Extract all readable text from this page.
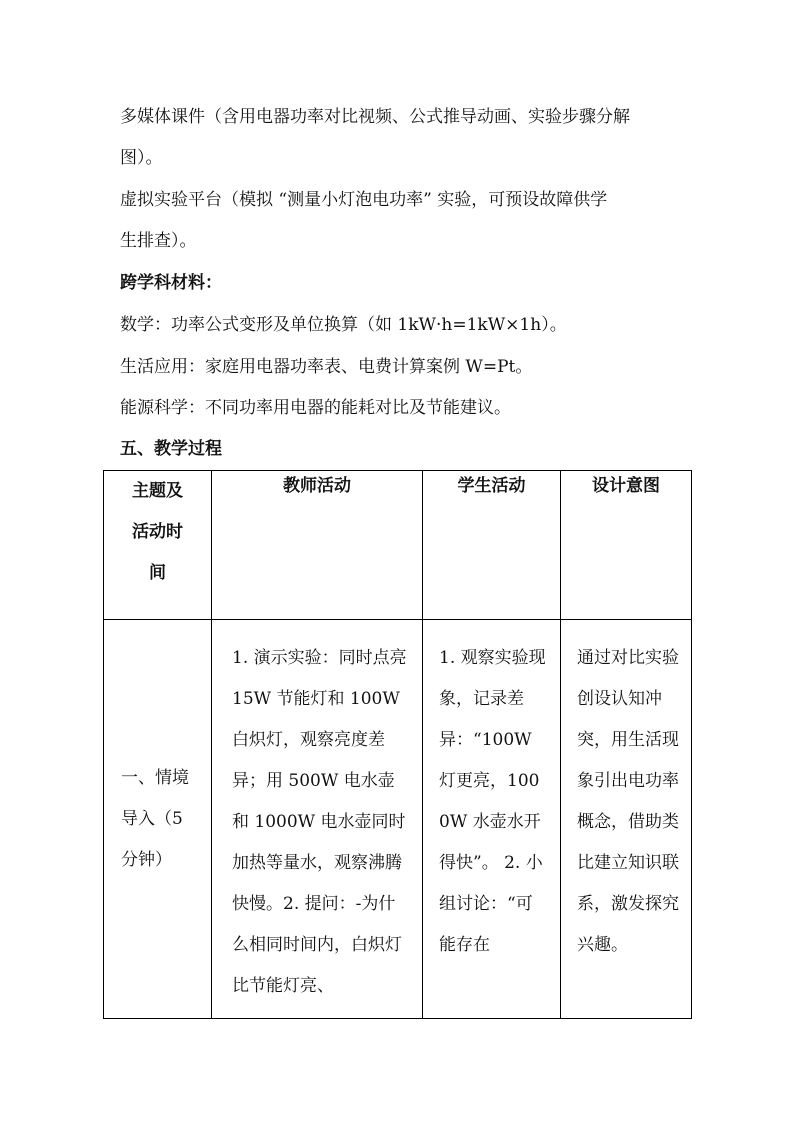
多媒体课件（含用电器功率对比视频、公式推导动画、实验步骤分解
图）。
虚拟实验平台（模拟 “测量小灯泡电功率” 实验，可预设故障供学
生排查）。
跨学科材料：
数学：功率公式变形及单位换算（如 1kW·h=1kW×1h）。
生活应用：家庭用电器功率表、电费计算案例 W=Pt。
能源科学：不同功率用电器的能耗对比及节能建议。
五、教学过程
主题及活动时间	教师活动	学生活动	设计意图

一、情境导入（5分钟）	1. 演示实验：同时点亮 15W 节能灯和 100W 白炽灯，观察亮度差异；用 500W 电水壶和 1000W 电水壶同时加热等量水，观察沸腾快慢。2. 提问：-为什么相同时间内，白炽灯比节能灯亮、	1. 观察实验现象，记录差异：“100W 灯更亮，1000W 水壶水开得快”。 2. 小组讨论：“可能存在	通过对比实验创设认知冲突，用生活现象引出电功率概念，借助类比建立知识联系，激发探究兴趣。
